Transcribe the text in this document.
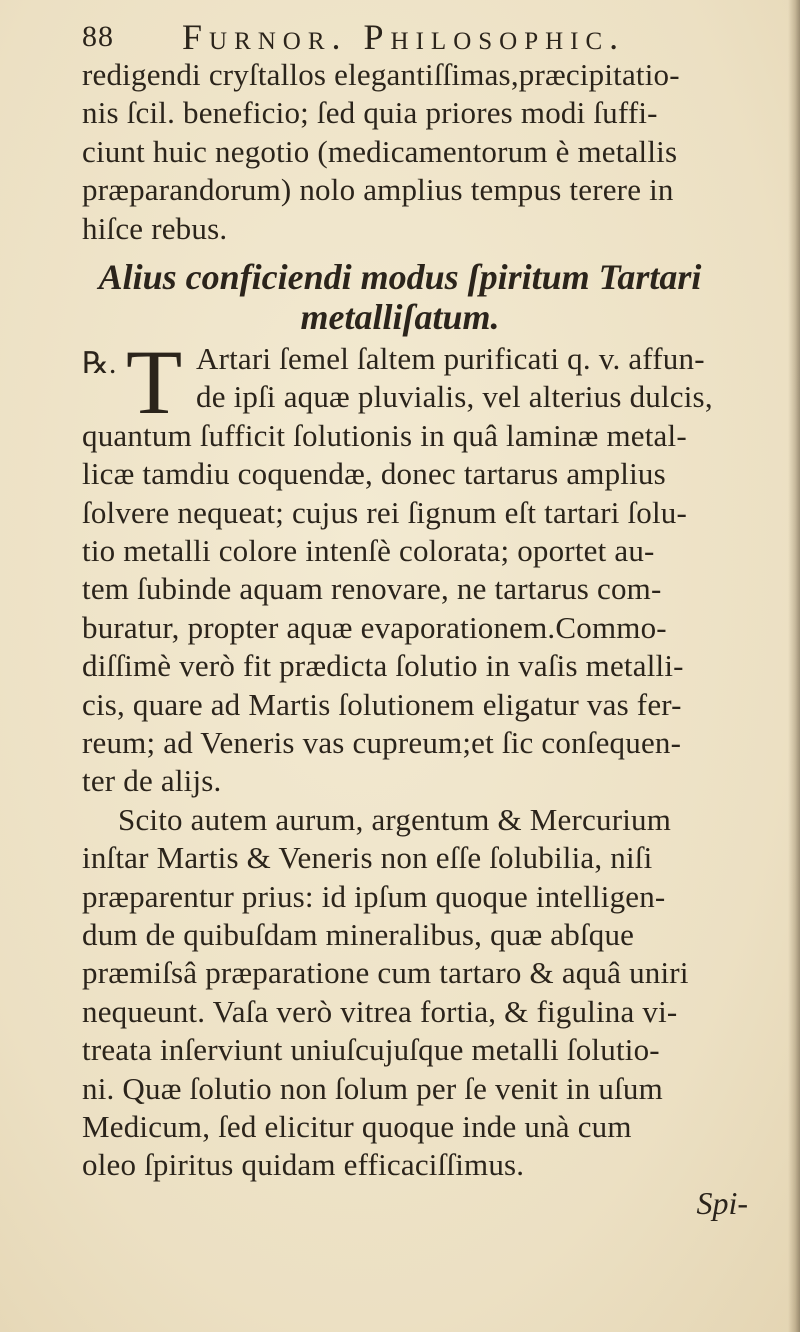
88 Furnor. Philosophic.
redigendi cryſtallos elegantiſſimas,præcipitatio-
nis ſcil. beneficio; ſed quia priores modi ſuffi-
ciunt huic negotio (medicamentorum è metallis
præparandorum) nolo amplius tempus terere in
hiſce rebus.
Alius conficiendi modus ſpiritum Tartari
metalliſatum.
℞. T Artari ſemel ſaltem purificati q. v. affun-
de ipſi aquæ pluvialis, vel alterius dulcis,
quantum ſufficit ſolutionis in quâ laminæ metal-
licæ tamdiu coquendæ, donec tartarus amplius
ſolvere nequeat; cujus rei ſignum eſt tartari ſolu-
tio metalli colore intenſè colorata; oportet au-
tem ſubinde aquam renovare, ne tartarus com-
buratur, propter aquæ evaporationem.Commo-
diſſimè verò fit prædicta ſolutio in vaſis metalli-
cis, quare ad Martis ſolutionem eligatur vas fer-
reum; ad Veneris vas cupreum;et ſic conſequen-
ter de alijs.
Scito autem aurum, argentum & Mercurium
inſtar Martis & Veneris non eſſe ſolubilia, niſi
præparentur prius: id ipſum quoque intelligen-
dum de quibuſdam mineralibus, quæ abſque
præmiſsâ præparatione cum tartaro & aquâ uniri
nequeunt. Vaſa verò vitrea fortia, & figulina vi-
treata inſerviunt uniuſcujuſque metalli ſolutio-
ni. Quæ ſolutio non ſolum per ſe venit in uſum
Medicum, ſed elicitur quoque inde unà cum
oleo ſpiritus quidam efficaciſſimus.
Spi-
